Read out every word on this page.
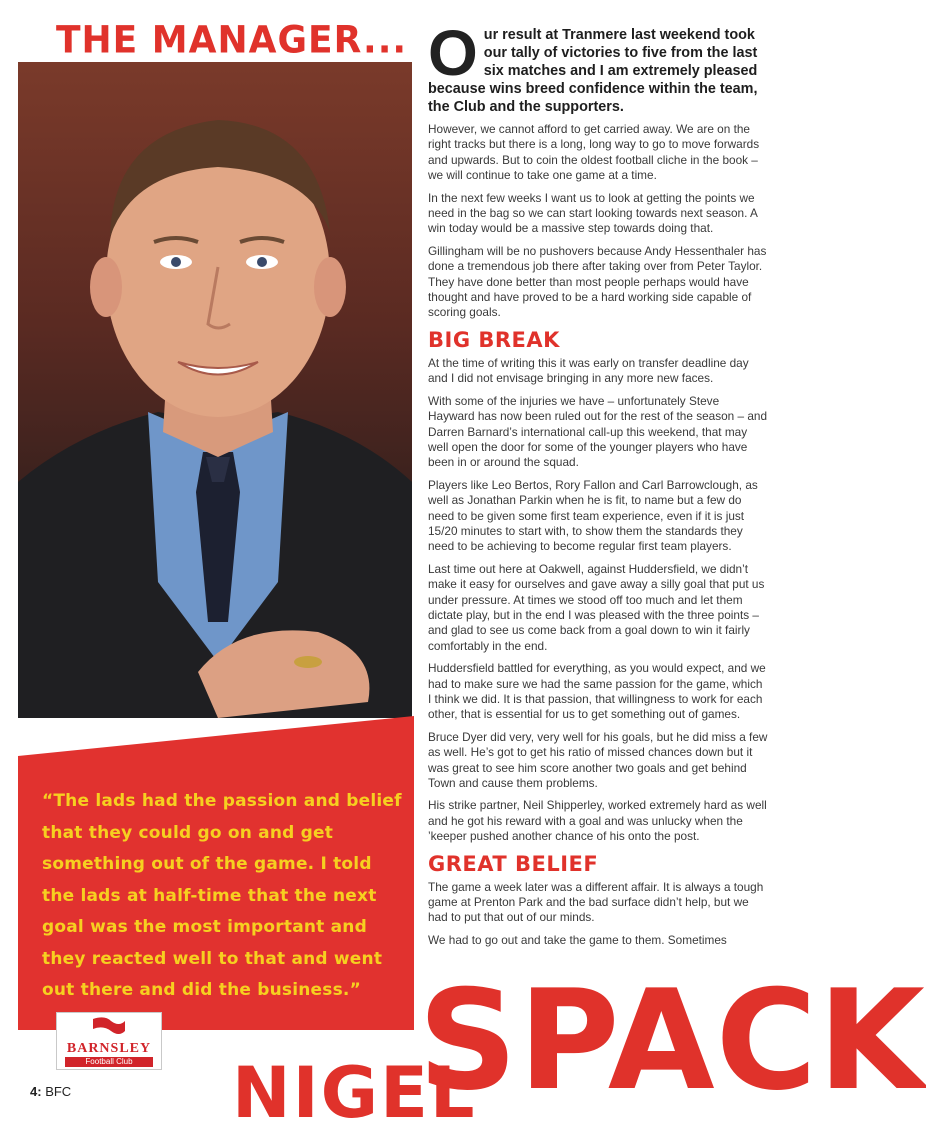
THE MANAGER...
“The lads had the passion and belief that they could go on and get something out of the game. I told the lads at half-time that the next goal was the most important and they reacted well to that and went out there and did the business.”
BARNSLEY
Football Club
4: BFC

O ur result at Tranmere last weekend took our tally of victories to five from the last six matches and I am extremely pleased because wins breed confidence within the team, the Club and the supporters.

However, we cannot afford to get carried away. We are on the right tracks but there is a long, long way to go to move forwards and upwards. But to coin the oldest football cliche in the book – we will continue to take one game at a time.

In the next few weeks I want us to look at getting the points we need in the bag so we can start looking towards next season. A win today would be a massive step towards doing that.

Gillingham will be no pushovers because Andy Hessenthaler has done a tremendous job there after taking over from Peter Taylor. They have done better than most people perhaps would have thought and have proved to be a hard working side capable of scoring goals.

BIG BREAK

At the time of writing this it was early on transfer deadline day and I did not envisage bringing in any more new faces.

With some of the injuries we have – unfortunately Steve Hayward has now been ruled out for the rest of the season – and Darren Barnard’s international call-up this weekend, that may well open the door for some of the younger players who have been in or around the squad.

Players like Leo Bertos, Rory Fallon and Carl Barrowclough, as well as Jonathan Parkin when he is fit, to name but a few do need to be given some first team experience, even if it is just 15/20 minutes to start with, to show them the standards they need to be achieving to become regular first team players.

Last time out here at Oakwell, against Huddersfield, we didn’t make it easy for ourselves and gave away a silly goal that put us under pressure. At times we stood off too much and let them dictate play, but in the end I was pleased with the three points – and glad to see us come back from a goal down to win it fairly comfortably in the end.

Huddersfield battled for everything, as you would expect, and we had to make sure we had the same passion for the game, which I think we did. It is that passion, that willingness to work for each other, that is essential for us to get something out of games.

Bruce Dyer did very, very well for his goals, but he did miss a few as well. He’s got to get his ratio of missed chances down but it was great to see him score another two goals and get behind Town and cause them problems.

His strike partner, Neil Shipperley, worked extremely hard as well and he got his reward with a goal and was unlucky when the ’keeper pushed another chance of his onto the post.

GREAT BELIEF

The game a week later was a different affair. It is always a tough game at Prenton Park and the bad surface didn’t help, but we had to put that out of our minds.

We had to go out and take the game to them. Sometimes

NIGEL
SPACK
